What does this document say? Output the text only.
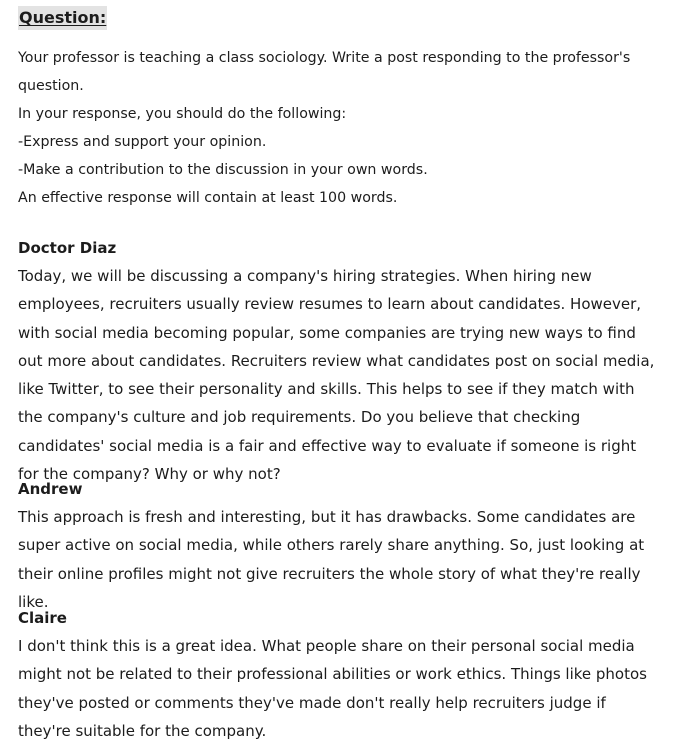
Question:
Your professor is teaching a class sociology. Write a post responding to the professor's question.
In your response, you should do the following:
-Express and support your opinion.
-Make a contribution to the discussion in your own words.
An effective response will contain at least 100 words.
Doctor Diaz
Today, we will be discussing a company's hiring strategies. When hiring new employees, recruiters usually review resumes to learn about candidates. However, with social media becoming popular, some companies are trying new ways to find out more about candidates. Recruiters review what candidates post on social media, like Twitter, to see their personality and skills. This helps to see if they match with the company's culture and job requirements. Do you believe that checking candidates' social media is a fair and effective way to evaluate if someone is right for the company? Why or why not?
Andrew
This approach is fresh and interesting, but it has drawbacks. Some candidates are super active on social media, while others rarely share anything. So, just looking at their online profiles might not give recruiters the whole story of what they're really like.
Claire
I don't think this is a great idea. What people share on their personal social media might not be related to their professional abilities or work ethics. Things like photos they've posted or comments they've made don't really help recruiters judge if they're suitable for the company.
